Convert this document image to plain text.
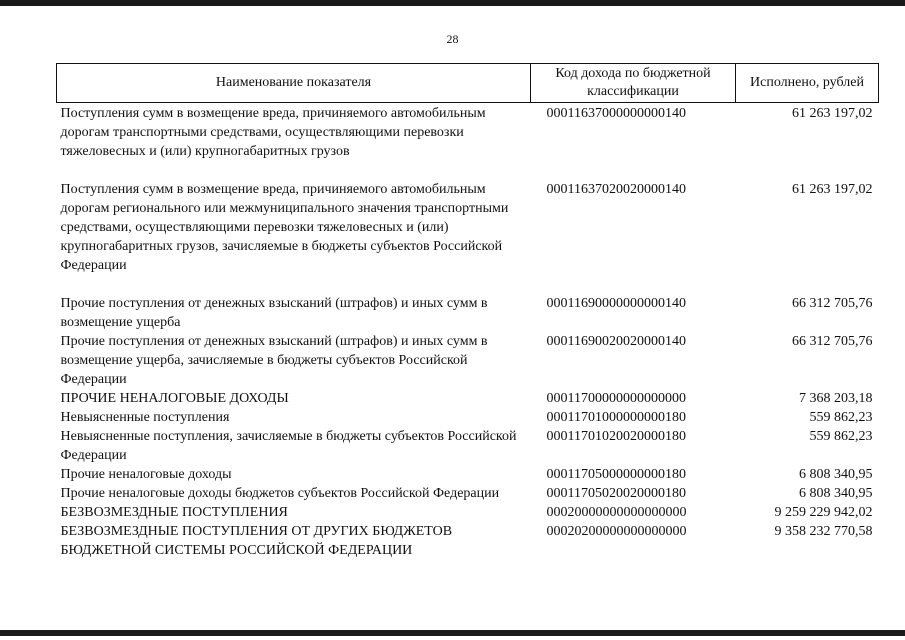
28
Наименование показателя	Код дохода по бюджетной классификации	Исполнено, рублей
Поступления сумм в возмещение вреда, причиняемого автомобильным дорогам транспортными средствами, осуществляющими перевозки тяжеловесных и (или) крупногабаритных грузов	00011637000000000140	61 263 197,02
Поступления сумм в возмещение вреда, причиняемого автомобильным дорогам регионального или межмуниципального значения транспортными средствами, осуществляющими перевозки тяжеловесных и (или) крупногабаритных грузов, зачисляемые в бюджеты субъектов Российской Федерации	00011637020020000140	61 263 197,02
Прочие поступления от денежных взысканий (штрафов) и иных сумм в возмещение ущерба	00011690000000000140	66 312 705,76
Прочие поступления от денежных взысканий (штрафов) и иных сумм в возмещение ущерба, зачисляемые в бюджеты субъектов Российской Федерации	00011690020020000140	66 312 705,76
ПРОЧИЕ НЕНАЛОГОВЫЕ ДОХОДЫ	00011700000000000000	7 368 203,18
Невыясненные поступления	00011701000000000180	559 862,23
Невыясненные поступления, зачисляемые в бюджеты субъектов Российской Федерации	00011701020020000180	559 862,23
Прочие неналоговые доходы	00011705000000000180	6 808 340,95
Прочие неналоговые доходы бюджетов субъектов Российской Федерации	00011705020020000180	6 808 340,95
БЕЗВОЗМЕЗДНЫЕ ПОСТУПЛЕНИЯ	00020000000000000000	9 259 229 942,02
БЕЗВОЗМЕЗДНЫЕ ПОСТУПЛЕНИЯ ОТ ДРУГИХ БЮДЖЕТОВ БЮДЖЕТНОЙ СИСТЕМЫ РОССИЙСКОЙ ФЕДЕРАЦИИ	00020200000000000000	9 358 232 770,58
